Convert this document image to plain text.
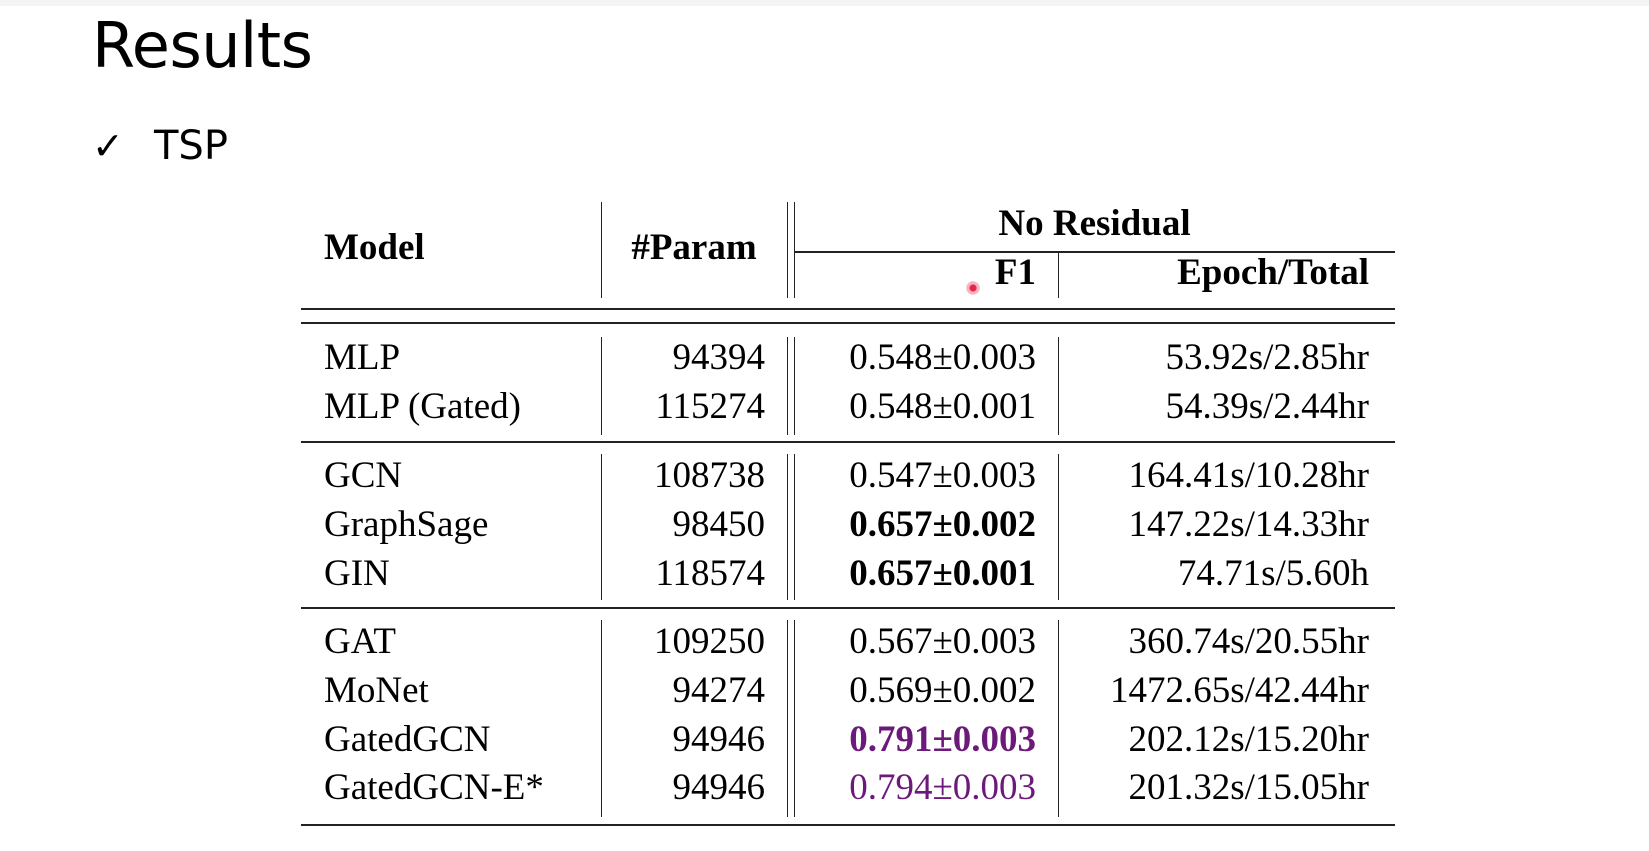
Results
✓ TSP
Model	#Param
No Residual
F1	Epoch/Total
MLP	94394	0.548±0.003	53.92s/2.85hr
MLP (Gated)	115274	0.548±0.001	54.39s/2.44hr
GCN	108738	0.547±0.003	164.41s/10.28hr
GraphSage	98450	0.657±0.002	147.22s/14.33hr
GIN	118574	0.657±0.001	74.71s/5.60h
GAT	109250	0.567±0.003	360.74s/20.55hr
MoNet	94274	0.569±0.002	1472.65s/42.44hr
GatedGCN	94946	0.791±0.003	202.12s/15.20hr
GatedGCN-E*	94946	0.794±0.003	201.32s/15.05hr
